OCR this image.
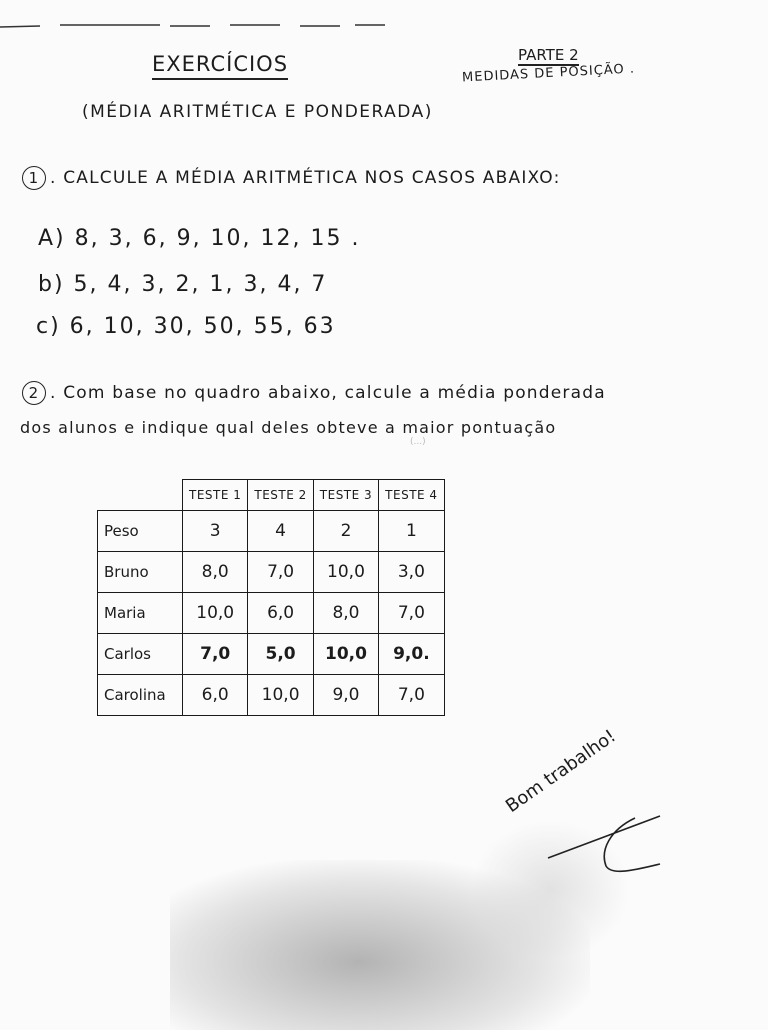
EXERCÍCIOS	PARTE 2
MEDIDAS DE POSIÇÃO .
(MÉDIA ARITMÉTICA E PONDERADA)
1 . CALCULE A MÉDIA ARITMÉTICA NOS CASOS ABAIXO:
A) 8, 3, 6, 9, 10, 12, 15 .
b) 5, 4, 3, 2, 1, 3, 4, 7
c) 6, 10, 30, 50, 55, 63
2 . Com base no quadro abaixo, calcule a média ponderada
dos alunos e indique qual deles obteve a maior pontuação
(...)
	TESTE 1	TESTE 2	TESTE 3	TESTE 4
Peso	3	4	2	1
Bruno	8,0	7,0	10,0	3,0
Maria	10,0	6,0	8,0	7,0
Carlos	7,0	5,0	10,0	9,0.
Carolina	6,0	10,0	9,0	7,0
Bom trabalho!
